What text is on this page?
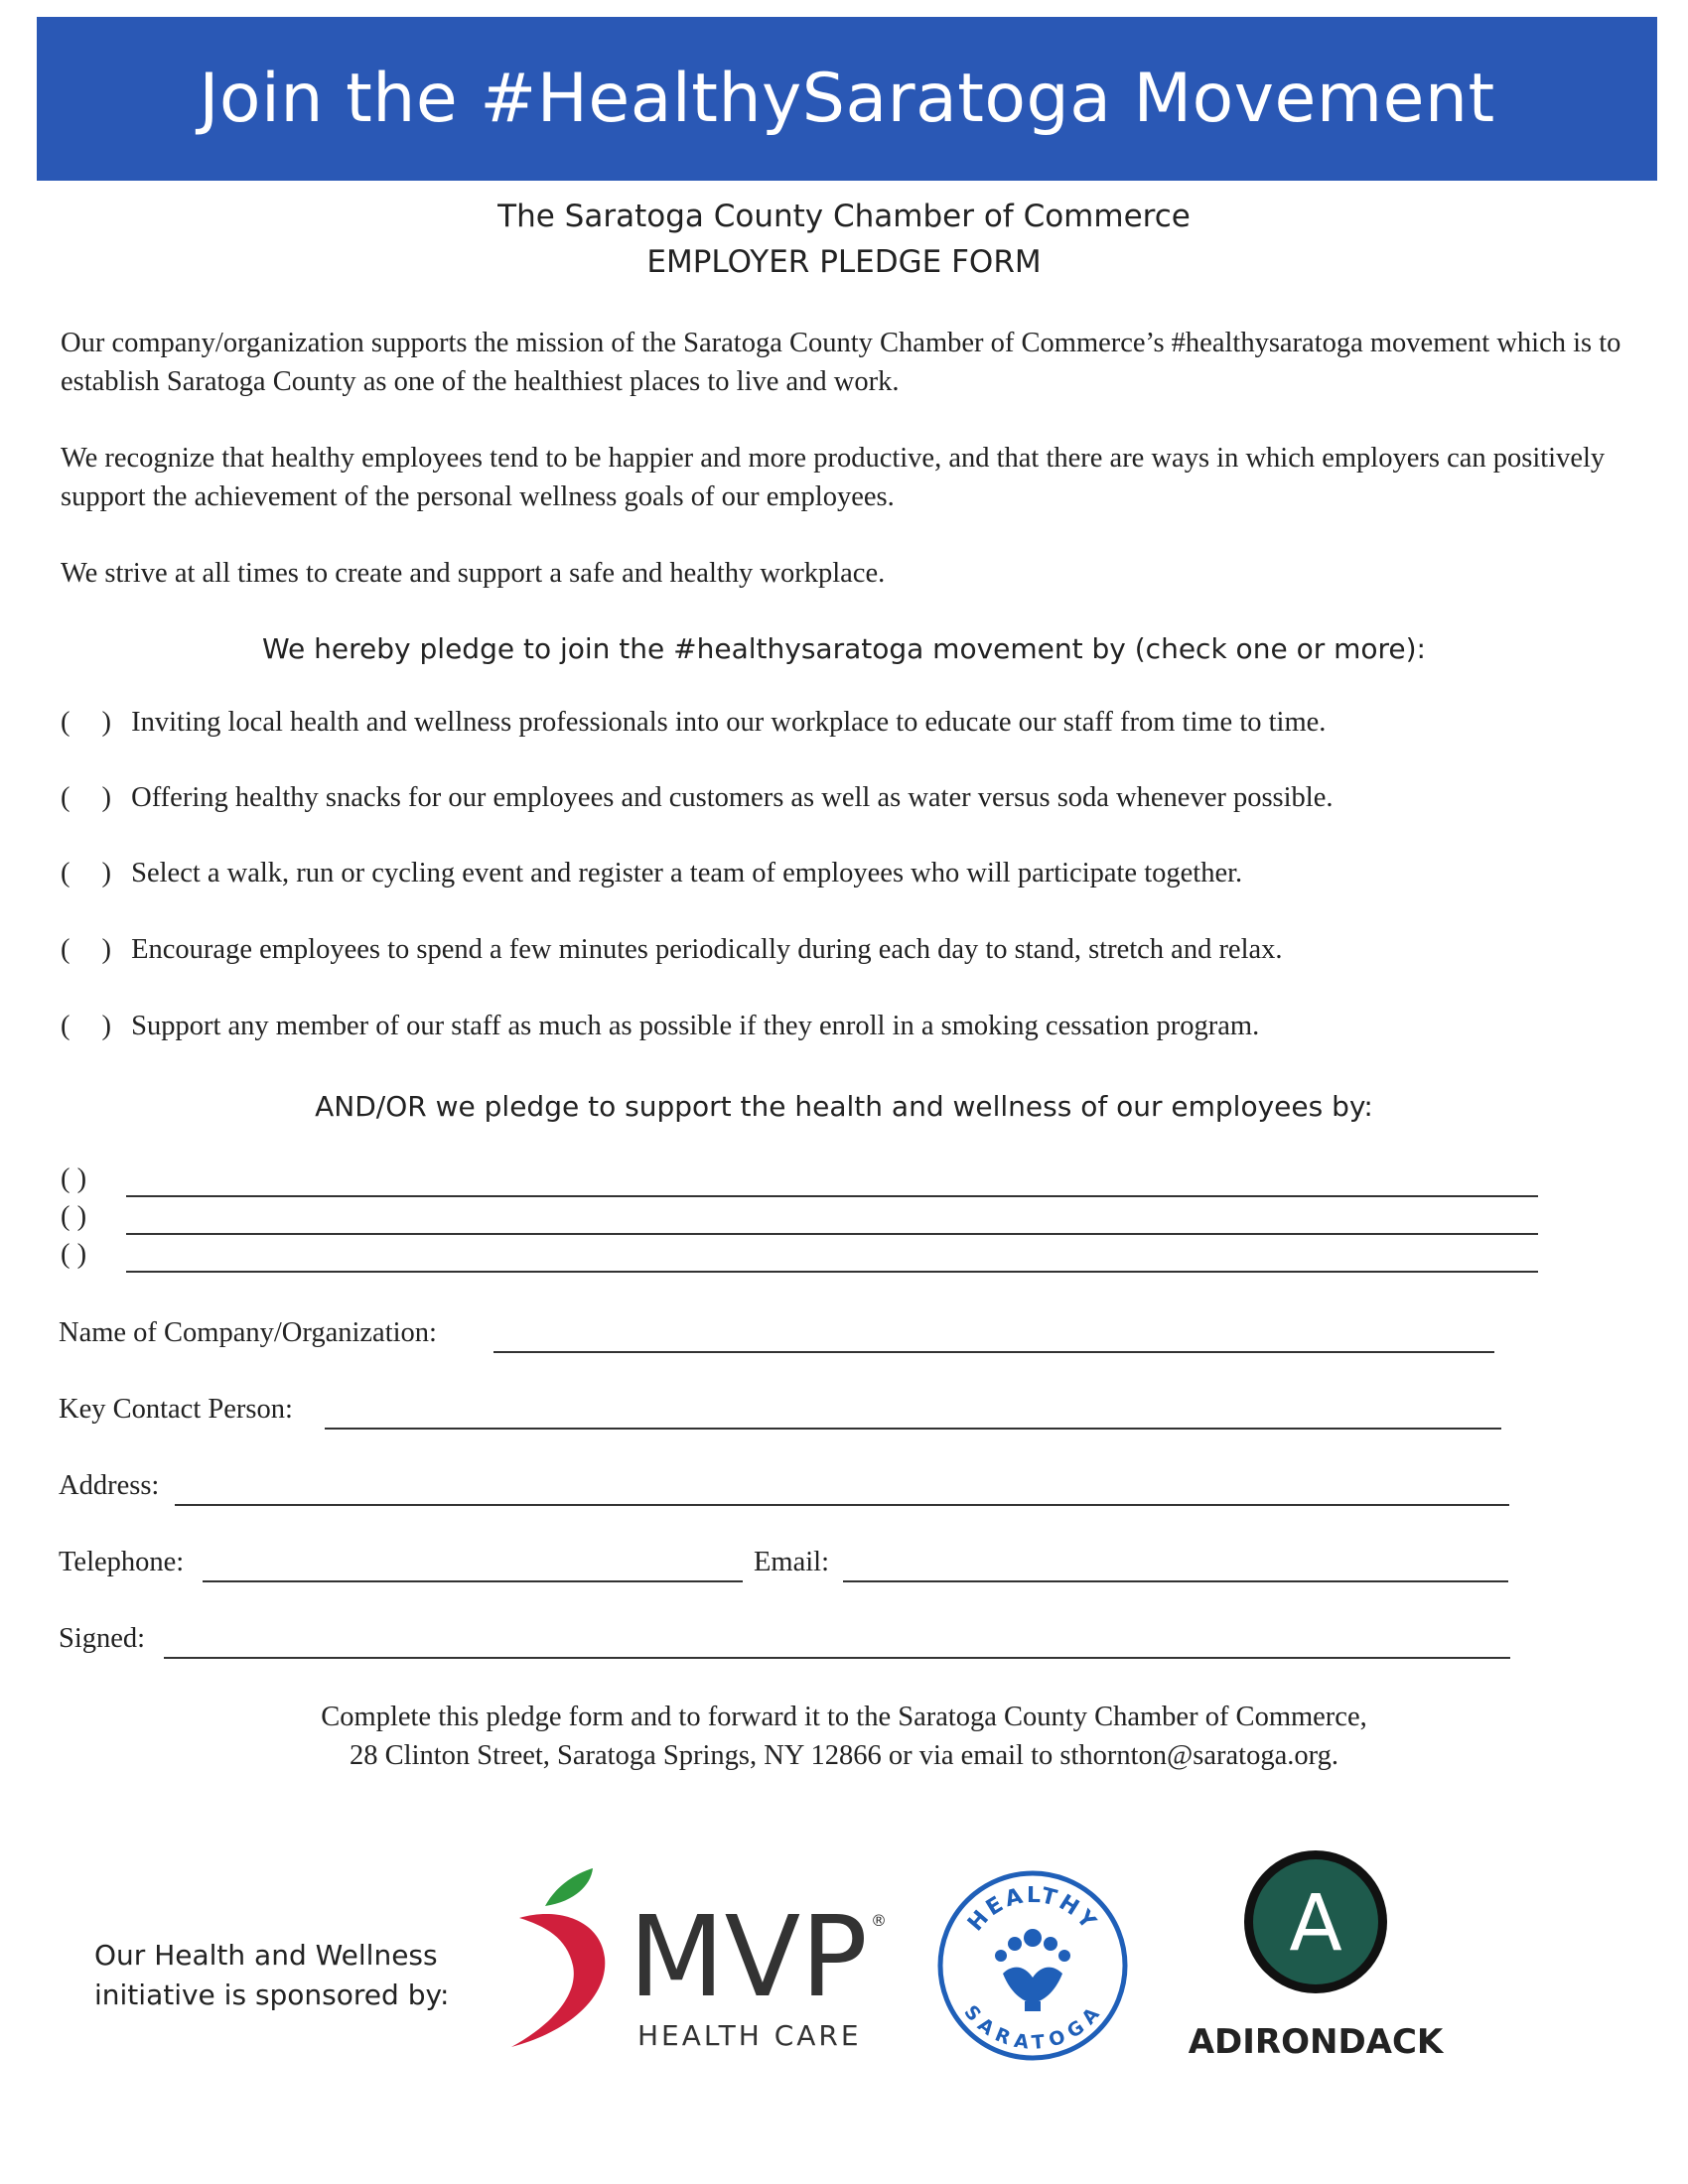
Join the #HealthySaratoga Movement
The Saratoga County Chamber of Commerce
EMPLOYER PLEDGE FORM

Our company/organization supports the mission of the Saratoga County Chamber of Commerce’s #healthysaratoga movement which is to establish Saratoga County as one of the healthiest places to live and work.

We recognize that healthy employees tend to be happier and more productive, and that there are ways in which employers can positively support the achievement of the personal wellness goals of our employees.

We strive at all times to create and support a safe and healthy workplace.

We hereby pledge to join the #healthysaratoga movement by (check one or more):
( ) Inviting local health and wellness professionals into our workplace to educate our staff from time to time.
( ) Offering healthy snacks for our employees and customers as well as water versus soda whenever possible.
( ) Select a walk, run or cycling event and register a team of employees who will participate together.
( ) Encourage employees to spend a few minutes periodically during each day to stand, stretch and relax.
( ) Support any member of our staff as much as possible if they enroll in a smoking cessation program.
AND/OR we pledge to support the health and wellness of our employees by:
( )
( )
( )
Name of Company/Organization:
Key Contact Person:
Address:
Telephone:	Email:
Signed:
Complete this pledge form and to forward it to the Saratoga County Chamber of Commerce,
28 Clinton Street, Saratoga Springs, NY 12866 or via email to sthornton@saratoga.org.
Our Health and Wellness
initiative is sponsored by: MVP ®
HEALTH CARE
HEALTHY
SARATOGA
A
ADIRONDACK
